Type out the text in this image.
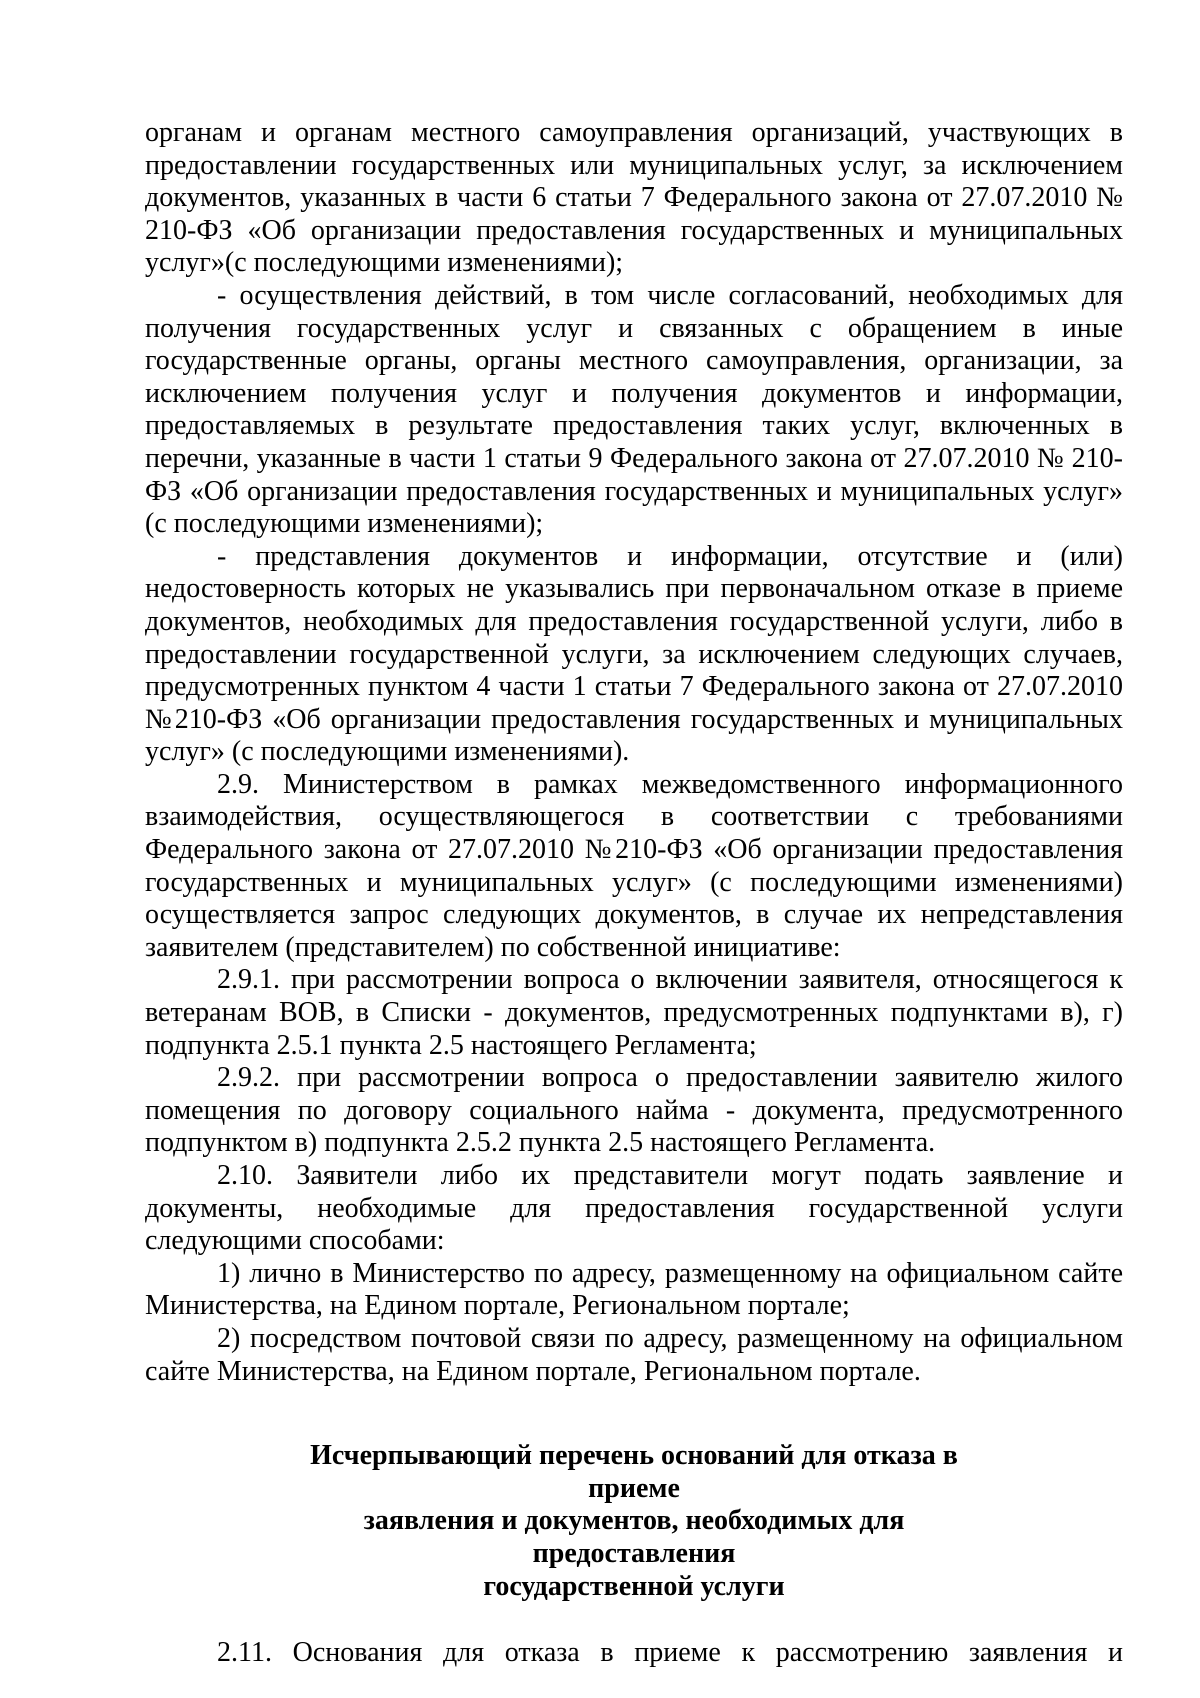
органам и органам местного самоуправления организаций, участвующих в предоставлении государственных или муниципальных услуг, за исключением документов, указанных в части 6 статьи 7 Федерального закона от 27.07.2010 № 210-ФЗ «Об организации предоставления государственных и муниципальных услуг»(с последующими изменениями);

- осуществления действий, в том числе согласований, необходимых для получения государственных услуг и связанных с обращением в иные государственные органы, органы местного самоуправления, организации, за исключением получения услуг и получения документов и информации, предоставляемых в результате предоставления таких услуг, включенных в перечни, указанные в части 1 статьи 9 Федерального закона от 27.07.2010 № 210-ФЗ «Об организации предоставления государственных и муниципальных услуг» (с последующими изменениями);

- представления документов и информации, отсутствие и (или) недостоверность которых не указывались при первоначальном отказе в приеме документов, необходимых для предоставления государственной услуги, либо в предоставлении государственной услуги, за исключением следующих случаев, предусмотренных пунктом 4 части 1 статьи 7 Федерального закона от 27.07.2010 №210-ФЗ «Об организации предоставления государственных и муниципальных услуг» (с последующими изменениями).

2.9. Министерством в рамках межведомственного информационного взаимодействия, осуществляющегося в соответствии с требованиями Федерального закона от 27.07.2010 №210-ФЗ «Об организации предоставления государственных и муниципальных услуг» (с последующими изменениями) осуществляется запрос следующих документов, в случае их непредставления заявителем (представителем) по собственной инициативе:

2.9.1. при рассмотрении вопроса о включении заявителя, относящегося к ветеранам ВОВ, в Списки - документов, предусмотренных подпунктами в), г) подпункта 2.5.1 пункта 2.5 настоящего Регламента;

2.9.2. при рассмотрении вопроса о предоставлении заявителю жилого помещения по договору социального найма - документа, предусмотренного подпунктом в) подпункта 2.5.2 пункта 2.5 настоящего Регламента.

2.10. Заявители либо их представители могут подать заявление и документы, необходимые для предоставления государственной услуги следующими способами:

1) лично в Министерство по адресу, размещенному на официальном сайте Министерства, на Едином портале, Региональном портале;

2) посредством почтовой связи по адресу, размещенному на официальном сайте Министерства, на Едином портале, Региональном портале.

Исчерпывающий перечень оснований для отказа в приеме
заявления и документов, необходимых для предоставления
государственной услуги

2.11. Основания для отказа в приеме к рассмотрению заявления и
